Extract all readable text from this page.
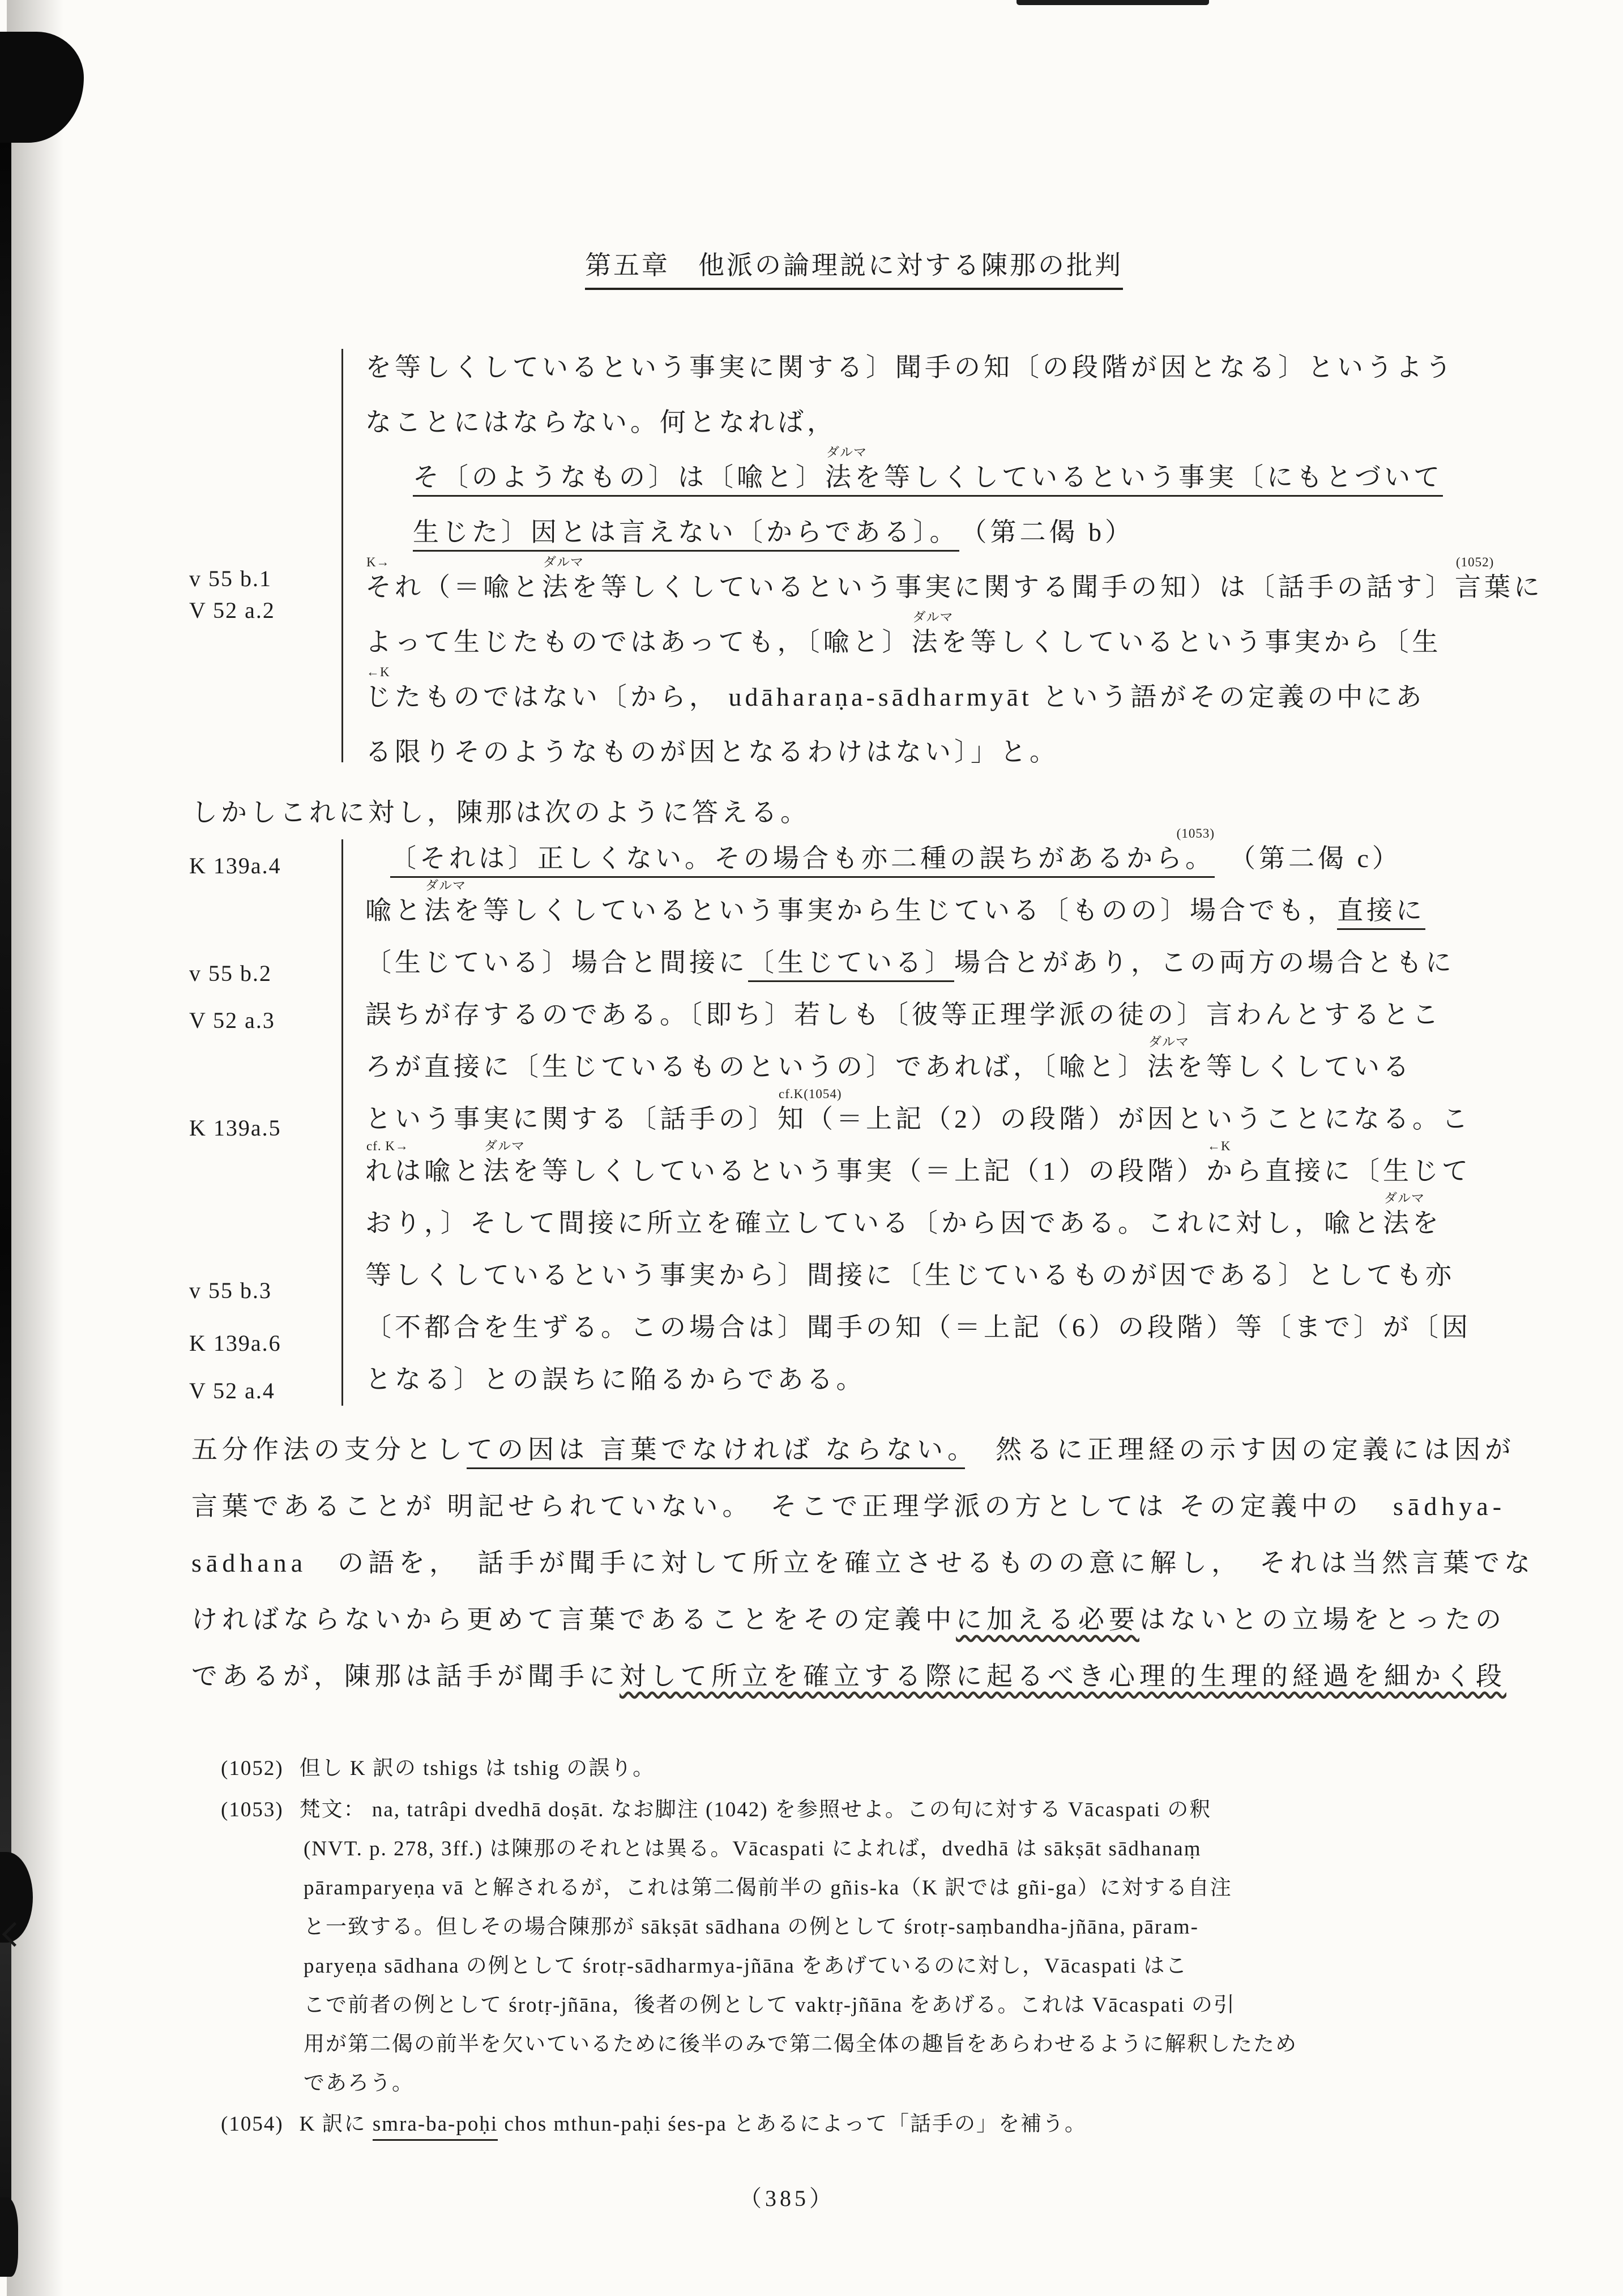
第五章　他派の論理説に対する陳那の批判
v 55 b.1
V 52 a.2
K 139a.4
v 55 b.2
V 52 a.3
K 139a.5
v 55 b.3
K 139a.6
V 52 a.4
を等しくしているという事実に関する〕聞手の知〔の段階が因となる〕というよう
なことにはならない。何となれば，
そ〔のようなもの〕は〔喩と〕法
ダルマ
を等しくしているという事実〔にもとづいて
生じた〕因とは言えない〔からである〕。 （第二偈 b）
それ（＝喩と
K→
法
ダルマ
を等しくしているという事実に関する聞手の知）は〔話手の話す〕言葉に
(1052)
よって生じたものではあっても，〔喩と〕法
ダルマ
を等しくしているという事実から〔生
じたものではない
←K
〔から， udāharaṇa-sādharmyāt という語がその定義の中にあ
る限りそのようなものが因となるわけはない〕」と。
しかしこれに対し，陳那は次のように答える。
〔それは〕正しくない。その場合も亦二種の誤ちがあるから。
(1053)
（第二偈 c）
喩と法
ダルマ
を等しくしているという事実から生じている〔ものの〕場合でも，直接に
〔生じている〕場合と間接に〔生じている〕場合とがあり，この両方の場合ともに
誤ちが存するのである。〔即ち〕若しも〔彼等正理学派の徒の〕言わんとするとこ
ろが直接に〔生じているものというの〕であれば，〔喩と〕法
ダルマ
を等しくしている
という事実に関する〔話手の〕知
cf.K(1054)
（＝上記（2）の段階）が因ということになる。こ
れは喩と
cf. K→
法
ダルマ
を等しくしているという事実（＝上記（1）の段階）から
←K
直接に〔生じて
おり，〕そして間接に所立を確立している〔から因である。これに対し，喩と法
ダルマ
を
等しくしているという事実から〕間接に〔生じているものが因である〕としても亦
〔不都合を生ずる。この場合は〕聞手の知（＝上記（6）の段階）等〔まで〕が〔因
となる〕との誤ちに陥るからである。
五分作法の支分としての因は 言葉でなければ ならない。　然るに正理経の示す因の定義には因が
言葉であることが 明記せられていない。　そこで正理学派の方としては その定義中の　sādhya-
sādhana　の語を，　話手が聞手に対して所立を確立させるものの意に解し，　それは当然言葉でな
ければならないから更めて言葉であることをその定義中に加える必要はないとの立場をとったの
であるが，陳那は話手が聞手に対して所立を確立する際に起るべき心理的生理的経過を細かく段
(1052) 但し K 訳の tshigs は tshig の誤り。
(1053) 梵文： na, tatrâpi dvedhā doṣāt. なお脚注 (1042) を参照せよ。この句に対する Vācaspati の釈
(NVT. p. 278, 3ff.) は陳那のそれとは異る。Vācaspati によれば，dvedhā は sākṣāt sādhanaṃ
pāramparyeṇa vā と解されるが，これは第二偈前半の gñis-ka（K 訳では gñi-ga）に対する自注
と一致する。但しその場合陳那が sākṣāt sādhana の例として śrotṛ-saṃbandha-jñāna, pāram-
paryeṇa sādhana の例として śrotṛ-sādharmya-jñāna をあげているのに対し，Vācaspati はこ
こで前者の例として śrotṛ-jñāna，後者の例として vaktṛ-jñāna をあげる。これは Vācaspati の引
用が第二偈の前半を欠いているために後半のみで第二偈全体の趣旨をあらわせるように解釈したため
であろう。
(1054) K 訳に smra-ba-poḥi chos mthun-paḥi śes-pa とあるによって「話手の」を補う。
（385）
